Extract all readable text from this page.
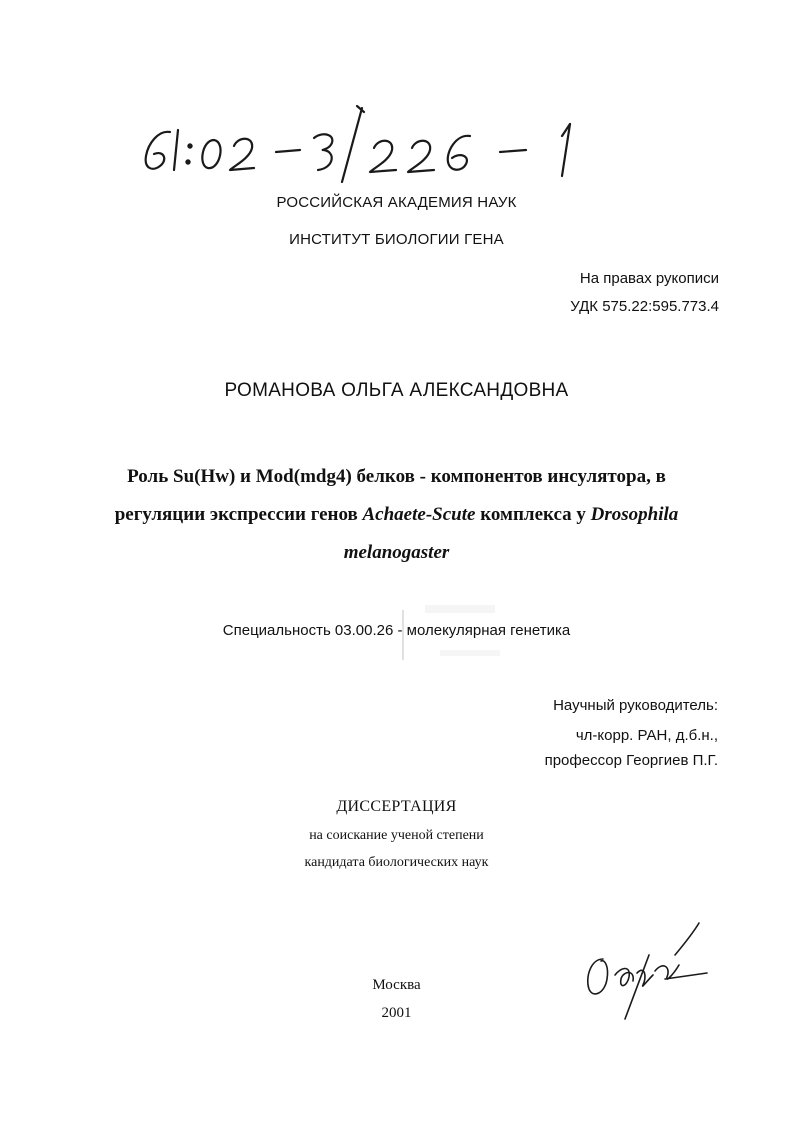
РОССИЙСКАЯ АКАДЕМИЯ НАУК
ИНСТИТУТ БИОЛОГИИ ГЕНА
На правах рукописи
УДК 575.22:595.773.4
РОМАНОВА ОЛЬГА АЛЕКСАНДОВНА
Роль Su(Hw) и Mod(mdg4) белков - компонентов инсулятора, в
регуляции экспрессии генов Achaete-Scute комплекса у Drosophila
melanogaster
Специальность 03.00.26 - молекулярная генетика
Научный руководитель:
чл-корр. РАН, д.б.н.,
профессор Георгиев П.Г.
ДИССЕРТАЦИЯ
на соискание ученой степени
кандидата биологических наук
Москва
2001
